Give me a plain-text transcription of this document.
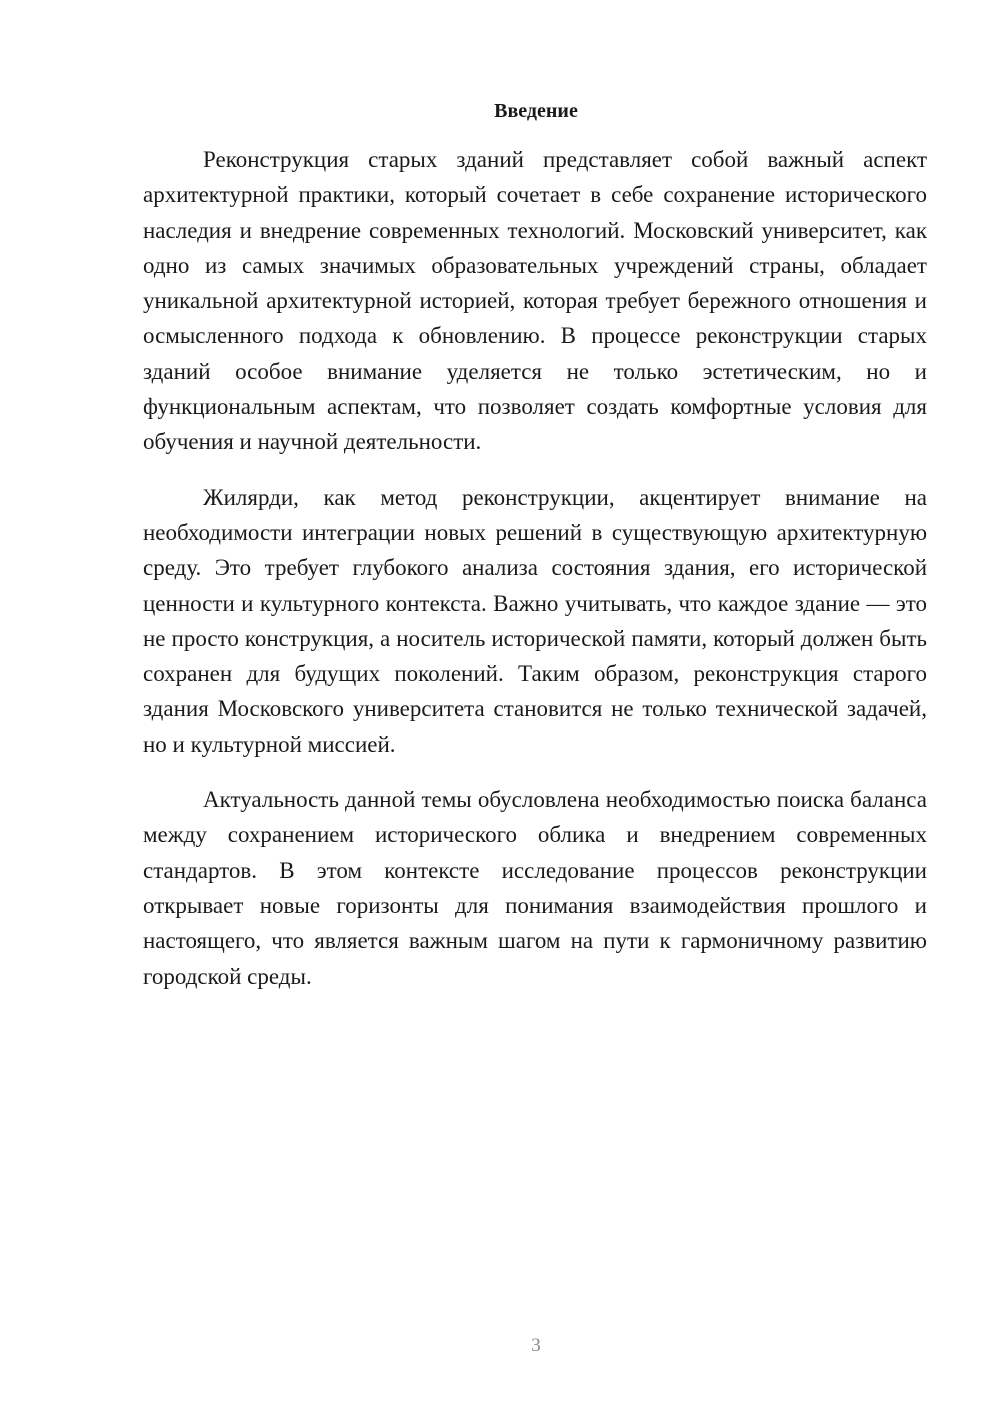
Введение

Реконструкция старых зданий представляет собой важный аспект архитектурной практики, который сочетает в себе сохранение исторического наследия и внедрение современных технологий. Московский университет, как одно из самых значимых образовательных учреждений страны, обладает уникальной архитектурной историей, которая требует бережного отношения и осмысленного подхода к обновлению. В процессе реконструкции старых зданий особое внимание уделяется не только эстетическим, но и функциональным аспектам, что позволяет создать комфортные условия для обучения и научной деятельности.

Жилярди, как метод реконструкции, акцентирует внимание на необходимости интеграции новых решений в существующую архитектурную среду. Это требует глубокого анализа состояния здания, его исторической ценности и культурного контекста. Важно учитывать, что каждое здание — это не просто конструкция, а носитель исторической памяти, который должен быть сохранен для будущих поколений. Таким образом, реконструкция старого здания Московского университета становится не только технической задачей, но и культурной миссией.

Актуальность данной темы обусловлена необходимостью поиска баланса между сохранением исторического облика и внедрением современных стандартов. В этом контексте исследование процессов реконструкции открывает новые горизонты для понимания взаимодействия прошлого и настоящего, что является важным шагом на пути к гармоничному развитию городской среды.

3
